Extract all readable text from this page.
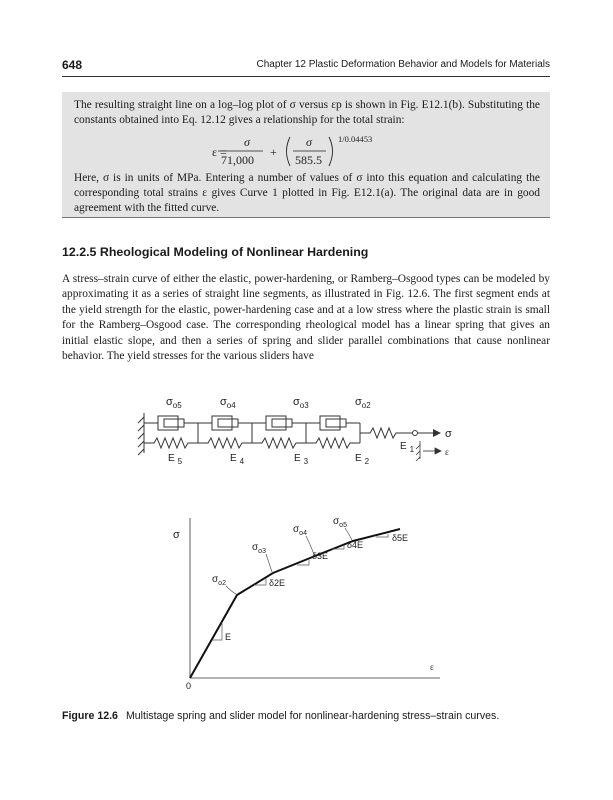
648	Chapter 12 Plastic Deformation Behavior and Models for Materials

The resulting straight line on a log–log plot of σ versus εp is shown in Fig. E12.1(b). Substituting the constants obtained into Eq. 12.12 gives a relationship for the total strain:

ε =
σ
71,000
+
σ
585.5
1/0.04453

Here, σ is in units of MPa. Entering a number of values of σ into this equation and calculating the corresponding total strains ε gives Curve 1 plotted in Fig. E12.1(a). The original data are in good agreement with the fitted curve.

12.2.5 Rheological Modeling of Nonlinear Hardening

A stress–strain curve of either the elastic, power-hardening, or Ramberg–Osgood types can be modeled by approximating it as a series of straight line segments, as illustrated in Fig. 12.6. The first segment ends at the yield strength for the elastic, power-hardening case and at a low stress where the plastic strain is small for the Ramberg–Osgood case. The corresponding rheological model has a linear spring that gives an initial elastic slope, and then a series of spring and slider parallel combinations that cause nonlinear behavior. The yield stresses for the various sliders have

$\sigma_{o5}$	$\sigma_{o4}$	$\sigma_{o3}$	$\sigma_{o2}$
E $_5$	E $_4$	E $_3$	E $_2$
E $_1$
σ
ε
σ
ε
0
E
δ2E
δ3E
δ4E
δ5E
$\sigma_{o2}$
$\sigma_{o3}$
$\sigma_{o4}$
$\sigma_{o5}$
Figure 12.6 Multistage spring and slider model for nonlinear-hardening stress–strain curves.
